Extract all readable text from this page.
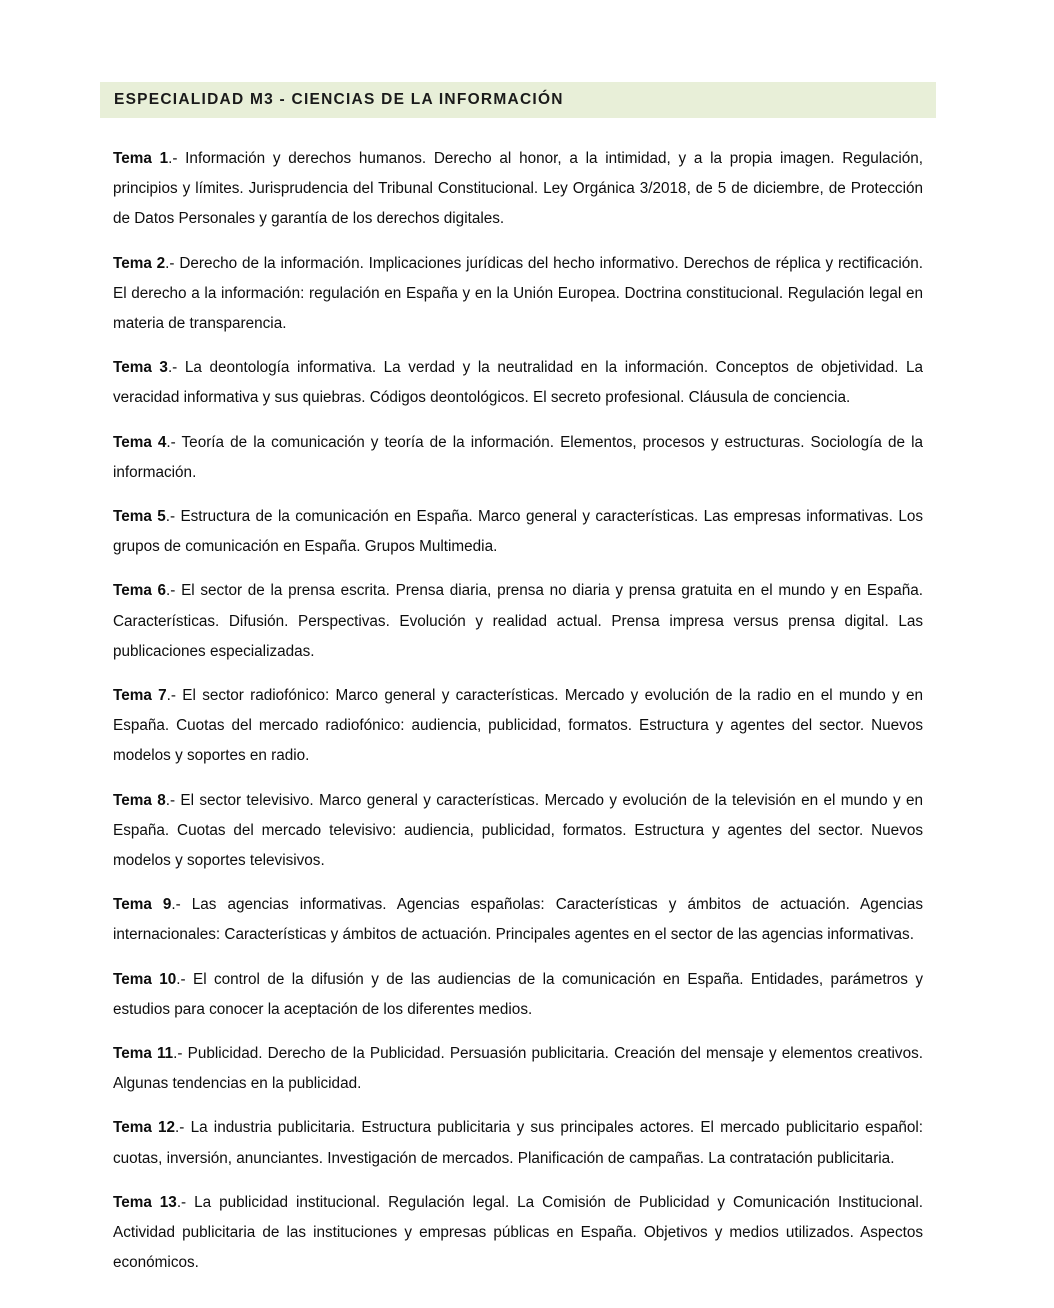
ESPECIALIDAD M3 - CIENCIAS DE LA INFORMACIÓN

Tema 1.- Información y derechos humanos. Derecho al honor, a la intimidad, y a la propia imagen. Regulación, principios y límites. Jurisprudencia del Tribunal Constitucional. Ley Orgánica 3/2018, de 5 de diciembre, de Protección de Datos Personales y garantía de los derechos digitales.

Tema 2.- Derecho de la información. Implicaciones jurídicas del hecho informativo. Derechos de réplica y rectificación. El derecho a la información: regulación en España y en la Unión Europea. Doctrina constitucional. Regulación legal en materia de transparencia.

Tema 3.- La deontología informativa. La verdad y la neutralidad en la información. Conceptos de objetividad. La veracidad informativa y sus quiebras. Códigos deontológicos. El secreto profesional. Cláusula de conciencia.

Tema 4.- Teoría de la comunicación y teoría de la información. Elementos, procesos y estructuras. Sociología de la información.

Tema 5.- Estructura de la comunicación en España. Marco general y características. Las empresas informativas. Los grupos de comunicación en España. Grupos Multimedia.

Tema 6.- El sector de la prensa escrita. Prensa diaria, prensa no diaria y prensa gratuita en el mundo y en España. Características. Difusión. Perspectivas. Evolución y realidad actual. Prensa impresa versus prensa digital. Las publicaciones especializadas.

Tema 7.- El sector radiofónico: Marco general y características. Mercado y evolución de la radio en el mundo y en España. Cuotas del mercado radiofónico: audiencia, publicidad, formatos. Estructura y agentes del sector. Nuevos modelos y soportes en radio.

Tema 8.- El sector televisivo. Marco general y características. Mercado y evolución de la televisión en el mundo y en España. Cuotas del mercado televisivo: audiencia, publicidad, formatos. Estructura y agentes del sector. Nuevos modelos y soportes televisivos.

Tema 9.- Las agencias informativas. Agencias españolas: Características y ámbitos de actuación. Agencias internacionales: Características y ámbitos de actuación. Principales agentes en el sector de las agencias informativas.

Tema 10.- El control de la difusión y de las audiencias de la comunicación en España. Entidades, parámetros y estudios para conocer la aceptación de los diferentes medios.

Tema 11.- Publicidad. Derecho de la Publicidad. Persuasión publicitaria. Creación del mensaje y elementos creativos. Algunas tendencias en la publicidad.

Tema 12.- La industria publicitaria. Estructura publicitaria y sus principales actores. El mercado publicitario español: cuotas, inversión, anunciantes. Investigación de mercados. Planificación de campañas. La contratación publicitaria.

Tema 13.- La publicidad institucional. Regulación legal. La Comisión de Publicidad y Comunicación Institucional. Actividad publicitaria de las instituciones y empresas públicas en España. Objetivos y medios utilizados. Aspectos económicos.
